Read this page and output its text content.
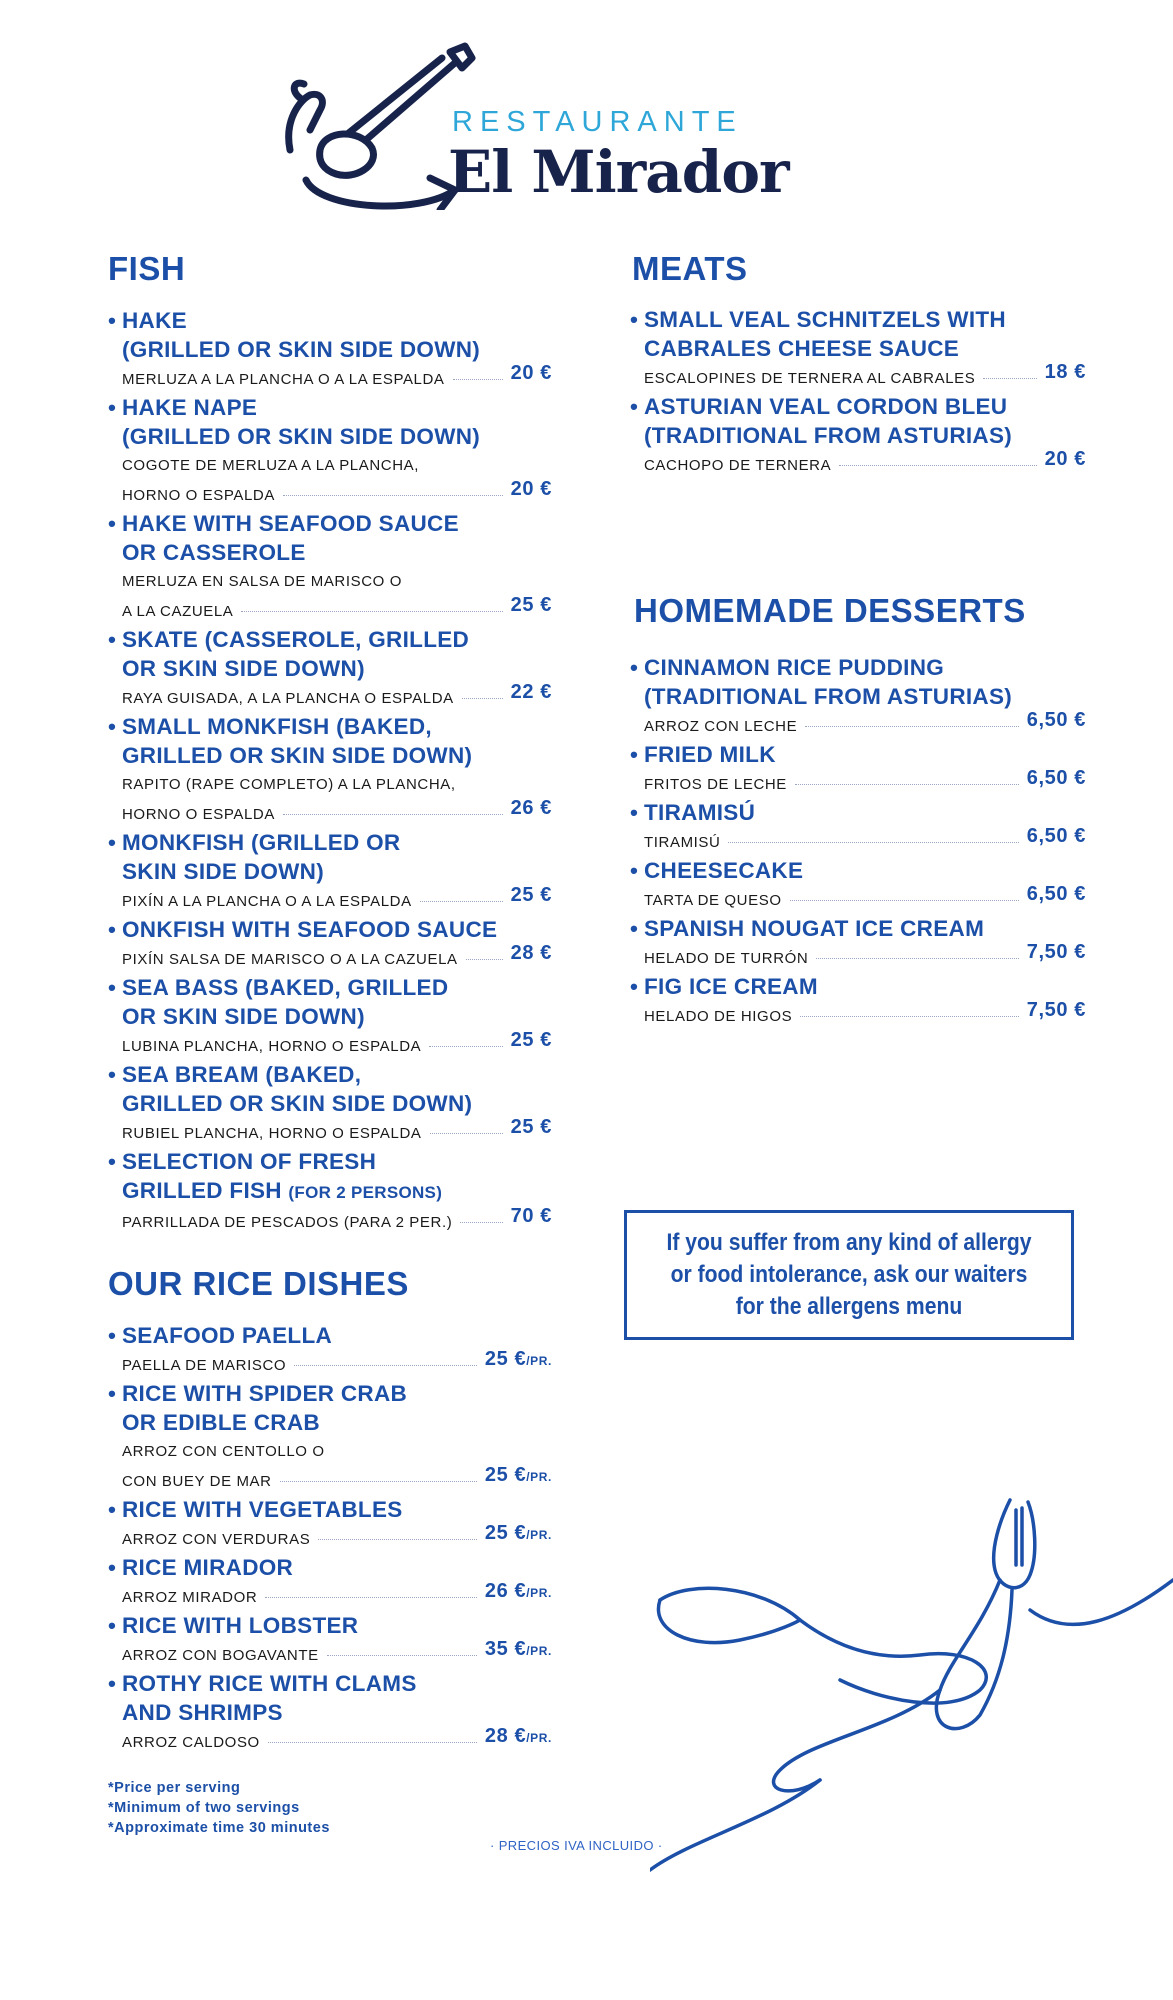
RESTAURANTE
El Mirador
FISH
• HAKE
(GRILLED OR SKIN SIDE DOWN)
MERLUZA A LA PLANCHA O A LA ESPALDA	20 €
• HAKE NAPE
(GRILLED OR SKIN SIDE DOWN)
COGOTE DE MERLUZA A LA PLANCHA,
HORNO O ESPALDA	20 €
• HAKE WITH SEAFOOD SAUCE
OR CASSEROLE
MERLUZA EN SALSA DE MARISCO O
A LA CAZUELA	25 €
• SKATE (CASSEROLE, GRILLED
OR SKIN SIDE DOWN)
RAYA GUISADA, A LA PLANCHA O ESPALDA	22 €
• SMALL MONKFISH (BAKED,
GRILLED OR SKIN SIDE DOWN)
RAPITO (RAPE COMPLETO) A LA PLANCHA,
HORNO O ESPALDA	26 €
• MONKFISH (GRILLED OR
SKIN SIDE DOWN)
PIXÍN A LA PLANCHA O A LA ESPALDA	25 €
• ONKFISH WITH SEAFOOD SAUCE
PIXÍN SALSA DE MARISCO O A LA CAZUELA	28 €
• SEA BASS (BAKED, GRILLED
OR SKIN SIDE DOWN)
LUBINA PLANCHA, HORNO O ESPALDA	25 €
• SEA BREAM (BAKED,
GRILLED OR SKIN SIDE DOWN)
RUBIEL PLANCHA, HORNO O ESPALDA	25 €
• SELECTION OF FRESH
GRILLED FISH (FOR 2 PERSONS)
PARRILLADA DE PESCADOS (PARA 2 PER.)	70 €
OUR RICE DISHES
• SEAFOOD PAELLA
PAELLA DE MARISCO	25 €/PR.
• RICE WITH SPIDER CRAB
OR EDIBLE CRAB
ARROZ CON CENTOLLO O
CON BUEY DE MAR	25 €/PR.
• RICE WITH VEGETABLES
ARROZ CON VERDURAS	25 €/PR.
• RICE MIRADOR
ARROZ MIRADOR	26 €/PR.
• RICE WITH LOBSTER
ARROZ CON BOGAVANTE	35 €/PR.
• ROTHY RICE WITH CLAMS
AND SHRIMPS
ARROZ CALDOSO	28 €/PR.
*Price per serving
*Minimum of two servings
*Approximate time 30 minutes
MEATS
• SMALL VEAL SCHNITZELS WITH
CABRALES CHEESE SAUCE
ESCALOPINES DE TERNERA AL CABRALES	18 €
• ASTURIAN VEAL CORDON BLEU
(TRADITIONAL FROM ASTURIAS)
CACHOPO DE TERNERA	20 €
HOMEMADE DESSERTS
• CINNAMON RICE PUDDING
(TRADITIONAL FROM ASTURIAS)
ARROZ CON LECHE	6,50 €
• FRIED MILK
FRITOS DE LECHE	6,50 €
• TIRAMISÚ
TIRAMISÚ	6,50 €
• CHEESECAKE
TARTA DE QUESO	6,50 €
• SPANISH NOUGAT ICE CREAM
HELADO DE TURRÓN	7,50 €
• FIG ICE CREAM
HELADO DE HIGOS	7,50 €
If you suffer from any kind of allergy or food intolerance, ask our waiters for the allergens menu
· PRECIOS IVA INCLUIDO ·
